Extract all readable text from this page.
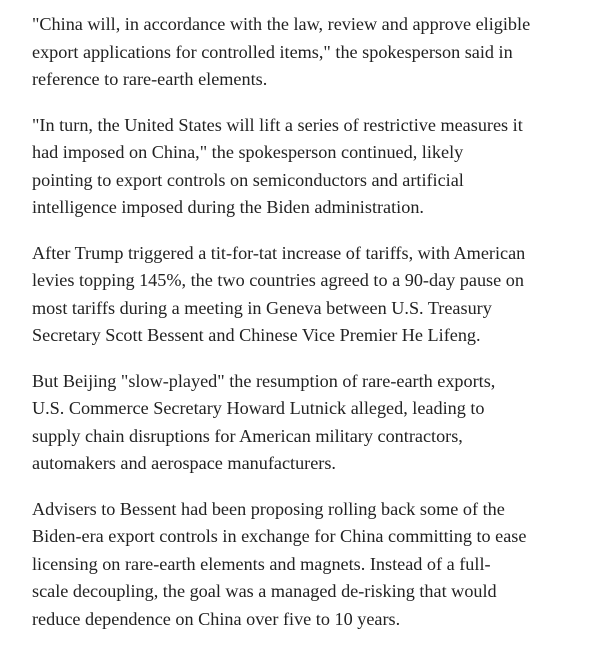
"China will, in accordance with the law, review and approve eligible
export applications for controlled items," the spokesperson said in
reference to rare-earth elements.

"In turn, the United States will lift a series of restrictive measures it
had imposed on China," the spokesperson continued, likely
pointing to export controls on semiconductors and artificial
intelligence imposed during the Biden administration.

After Trump triggered a tit-for-tat increase of tariffs, with American
levies topping 145%, the two countries agreed to a 90-day pause on
most tariffs during a meeting in Geneva between U.S. Treasury
Secretary Scott Bessent and Chinese Vice Premier He Lifeng.

But Beijing "slow-played" the resumption of rare-earth exports,
U.S. Commerce Secretary Howard Lutnick alleged, leading to
supply chain disruptions for American military contractors,
automakers and aerospace manufacturers.

Advisers to Bessent had been proposing rolling back some of the
Biden-era export controls in exchange for China committing to ease
licensing on rare-earth elements and magnets. Instead of a full-
scale decoupling, the goal was a managed de-risking that would
reduce dependence on China over five to 10 years.
